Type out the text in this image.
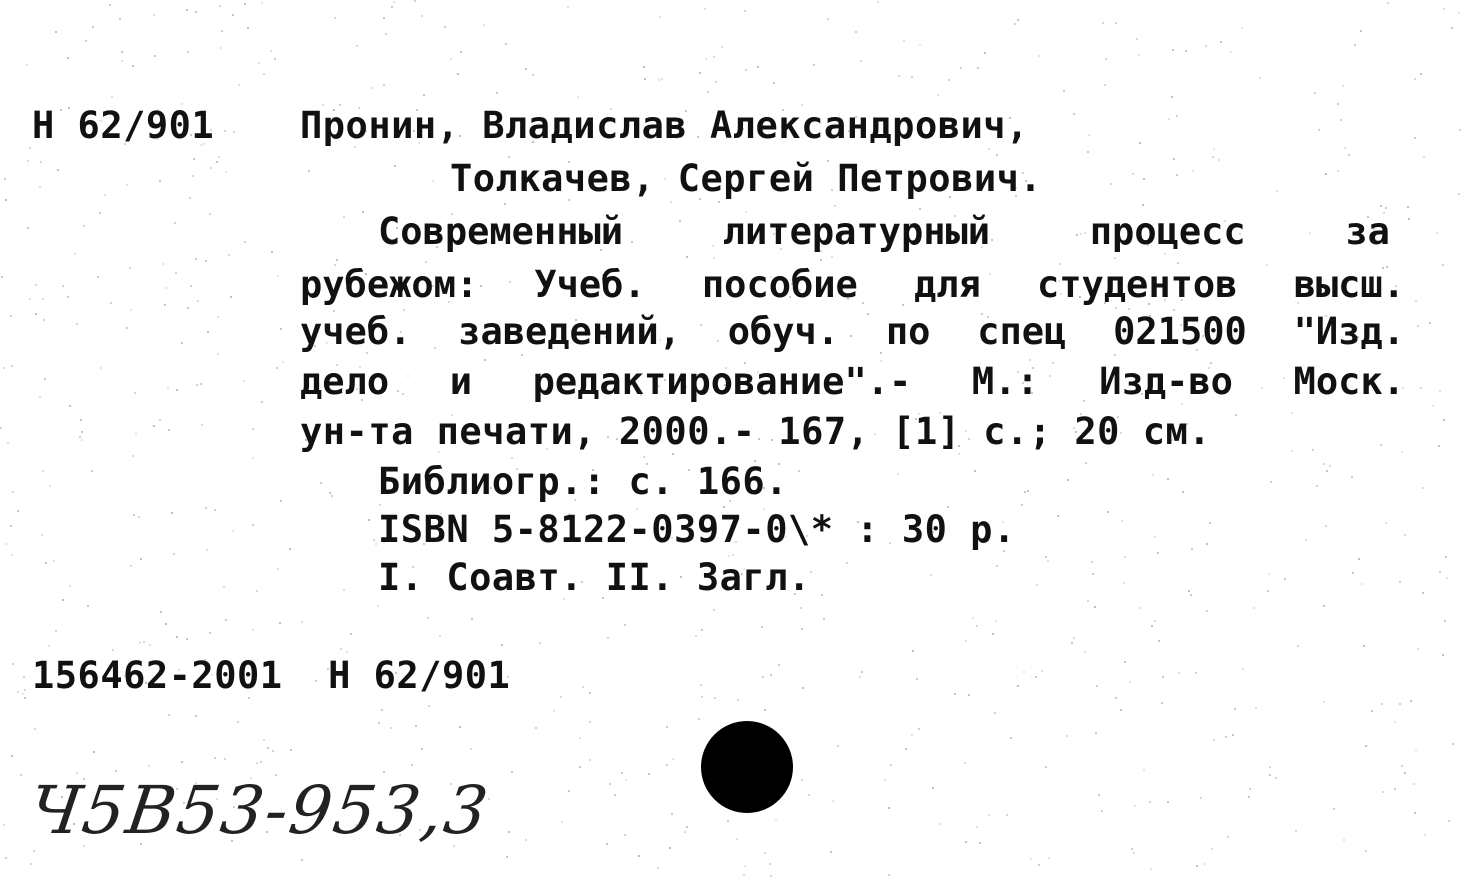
Н 62/901 Пронин, Владислав Александрович,
Толкачев, Сергей Петрович.
Современный	литературный	процесс	за
рубежом: Учеб. пособие для студентов высш.
учеб. заведений, обуч. по спец 021500 "Изд.
дело и редактирование".- М.: Изд-во Моск.
ун-та печати, 2000.- 167, [1] с.; 20 см.
Библиогр.: с. 166.
ISBN 5-8122-0397-0\* : 30 р.
I. Соавт. II. Загл.
156462-2001  Н 62/901
Ч5В53-953,3
